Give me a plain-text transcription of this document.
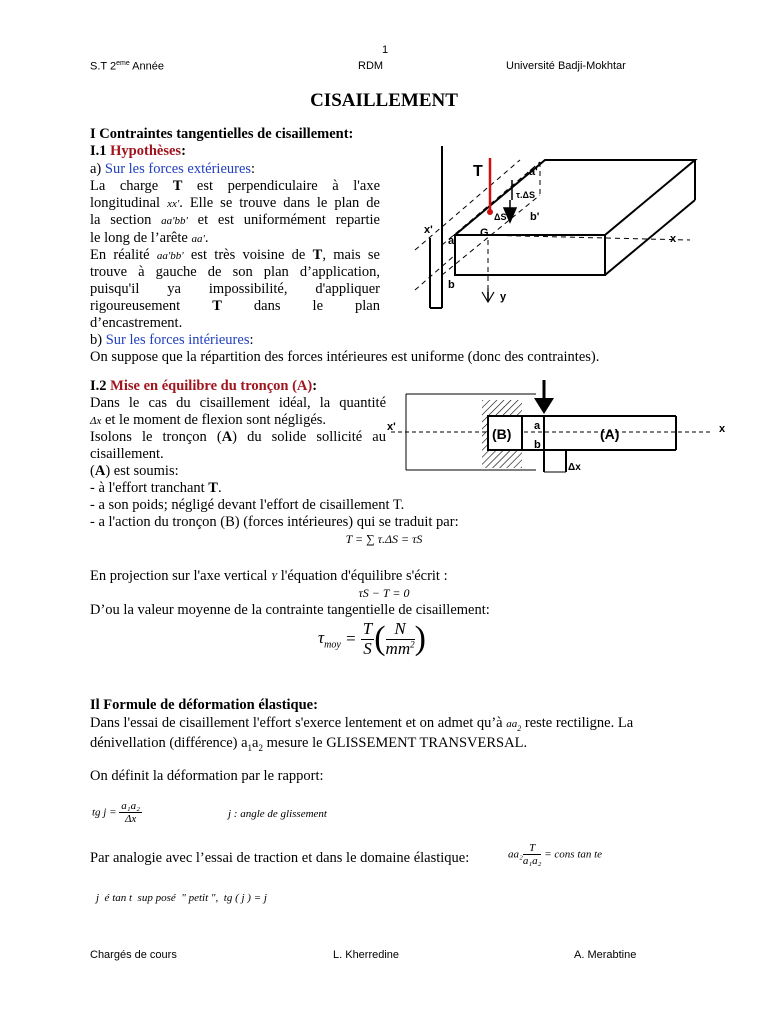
1
S.T 2eme Année	RDM	Université Badji-Mokhtar
CISAILLEMENT
I Contraintes tangentielles de cisaillement:
I.1 Hypothèses:
a) Sur les forces extérieures:
La charge T est perpendiculaire à l'axe
longitudinal xx'. Elle se trouve dans le plan de
la section aa'bb' et est uniformément repartie
le long de l’arête aa'.
En réalité aa'bb' est très voisine de T, mais se
trouve à gauche de son plan d’application,
puisqu'il ya impossibilité, d'appliquer
rigoureusement T dans le plan
d’encastrement.
b) Sur les forces intérieures:
On suppose que la répartition des forces intérieures est uniforme (donc des contraintes).
T	a'
τ.ΔS
ΔS b'
x'
a
G	x
b
y
I.2 Mise en équilibre du tronçon (A):
Dans le cas du cisaillement idéal, la quantité
Δx et le moment de flexion sont négligés.
Isolons le tronçon (A) du solide sollicité au
cisaillement.
(A) est soumis:
- à l'effort tranchant T.
- a son poids; négligé devant l'effort de cisaillement T.
- a l'action du tronçon (B) (forces intérieures) qui se traduit par:
T = ∑ τ.ΔS = τS
x'	(B) a
b
(A)	x
Δx
En projection sur l'axe vertical Y l'équation d'équilibre s'écrit :
τS − T = 0
D’ou la valeur moyenne de la contrainte tangentielle de cisaillement:
$\tau_{moy} = \frac{T}{S}$ ( $\frac{N}{mm^2}$ )
Il Formule de déformation élastique:
Dans l'essai de cisaillement l'effort s'exerce lentement et on admet qu’à $aa_2$ reste rectiligne. La
dénivellation (différence) $a_1a_2$ mesure le GLISSEMENT TRANSVERSAL.
On définit la déformation par le rapport:
tg $j = \frac{\text{a₁a₂}}{\Delta x}$	j : angle de glissement
Par analogie avec l’essai de traction et dans le domaine élastique:	$aa_2 \frac{T}{\text{a₁a₂}}$ = cons tan te
j  é tan t  sup posé  " petit ",  tg ( j ) = j
Chargés de cours	L. Kherredine	A. Merabtine
